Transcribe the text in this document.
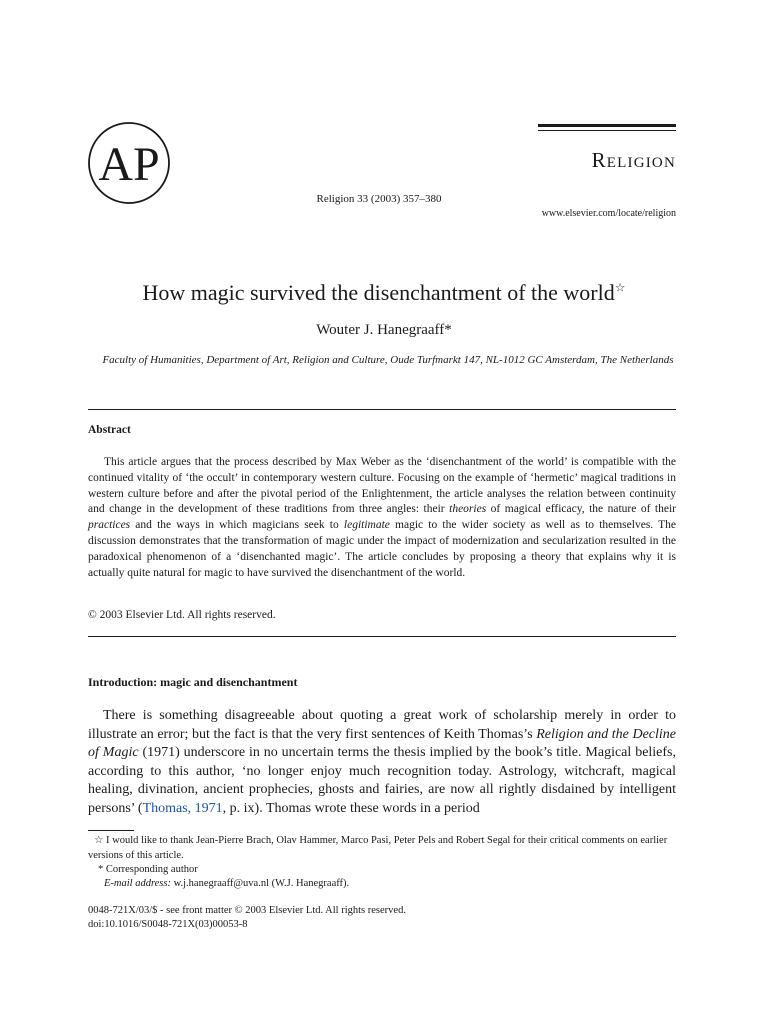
AP
Religion 33 (2003) 357–380
Religion
www.elsevier.com/locate/religion
How magic survived the disenchantment of the world☆
Wouter J. Hanegraaff*
Faculty of Humanities, Department of Art, Religion and Culture, Oude Turfmarkt 147, NL-1012 GC Amsterdam, The Netherlands
Abstract
This article argues that the process described by Max Weber as the ‘disenchantment of the world’ is compatible with the continued vitality of ‘the occult’ in contemporary western culture. Focusing on the example of ‘hermetic’ magical traditions in western culture before and after the pivotal period of the Enlightenment, the article analyses the relation between continuity and change in the development of these traditions from three angles: their theories of magical efficacy, the nature of their practices and the ways in which magicians seek to legitimate magic to the wider society as well as to themselves. The discussion demonstrates that the transformation of magic under the impact of modernization and secularization resulted in the paradoxical phenomenon of a ‘disenchanted magic’. The article concludes by proposing a theory that explains why it is actually quite natural for magic to have survived the disenchantment of the world.
© 2003 Elsevier Ltd. All rights reserved.
Introduction: magic and disenchantment
There is something disagreeable about quoting a great work of scholarship merely in order to illustrate an error; but the fact is that the very first sentences of Keith Thomas’s Religion and the Decline of Magic (1971) underscore in no uncertain terms the thesis implied by the book’s title. Magical beliefs, according to this author, ‘no longer enjoy much recognition today. Astrology, witchcraft, magical healing, divination, ancient prophecies, ghosts and fairies, are now all rightly disdained by intelligent persons’ (Thomas, 1971, p. ix). Thomas wrote these words in a period
☆ I would like to thank Jean-Pierre Brach, Olav Hammer, Marco Pasi, Peter Pels and Robert Segal for their critical comments on earlier versions of this article.
* Corresponding author
E-mail address: w.j.hanegraaff@uva.nl (W.J. Hanegraaff).
0048-721X/03/$ - see front matter © 2003 Elsevier Ltd. All rights reserved.
doi:10.1016/S0048-721X(03)00053-8
